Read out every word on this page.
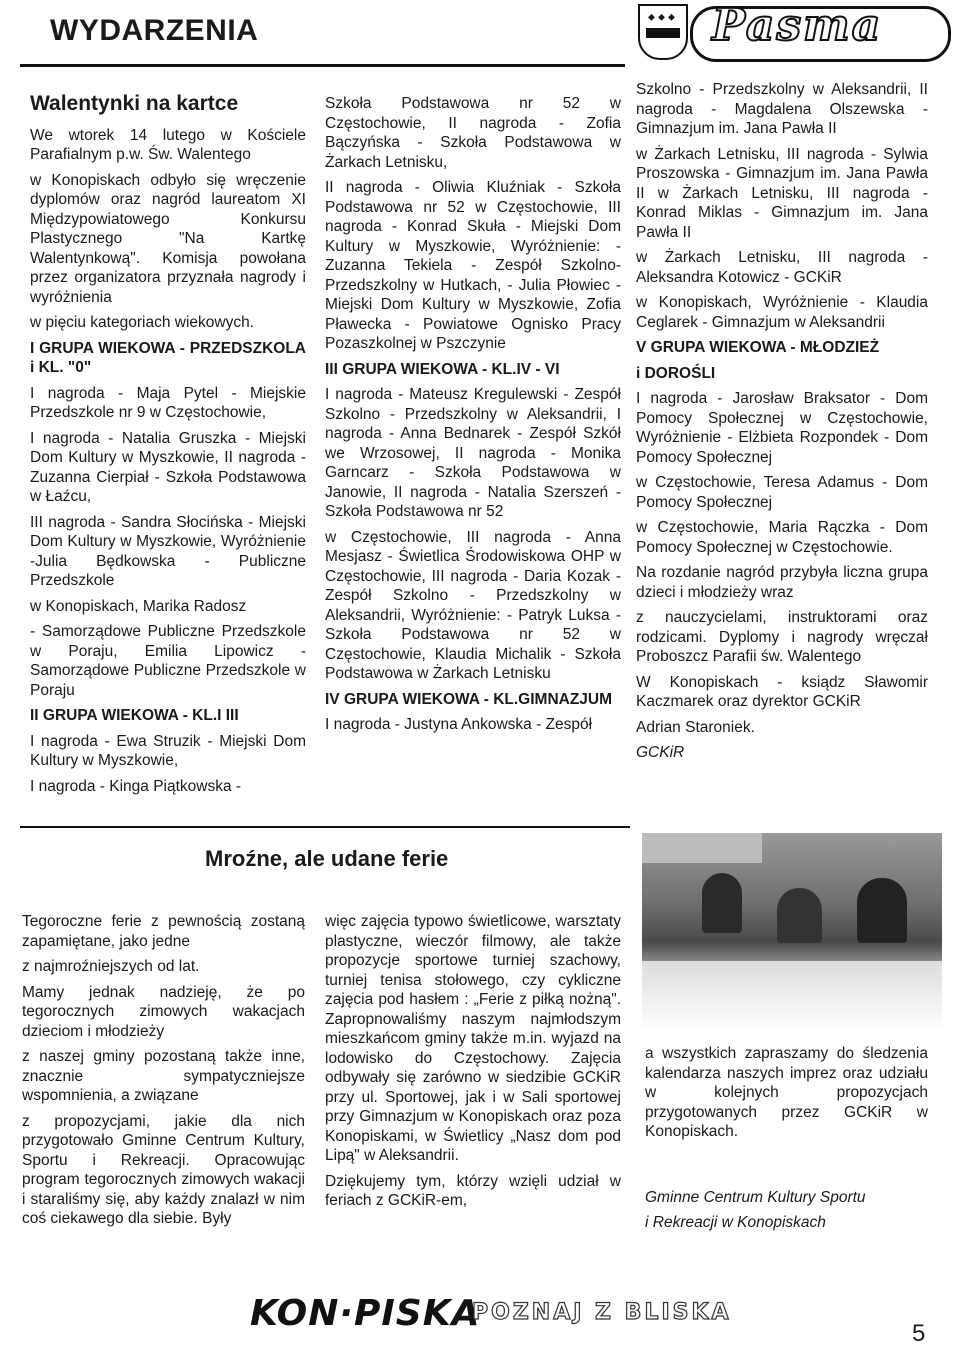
WYDARZENIA	⬥⬥⬥ Pasma
Walentynki na kartce

We wtorek 14 lutego w Kościele Parafialnym p.w. Św. Walentego

w Konopiskach odbyło się wręczenie dyplomów oraz nagród laureatom XI Międzypowiatowego Konkursu Plastycznego "Na Kartkę Walentynkową". Komisja powołana przez organizatora przyznała nagrody i wyróżnienia

w pięciu kategoriach wiekowych.

I GRUPA WIEKOWA - PRZEDSZKOLA i KL. "0"

I nagroda - Maja Pytel - Miejskie Przedszkole nr 9 w Częstochowie,

I nagroda - Natalia Gruszka - Miejski Dom Kultury w Myszkowie, II nagroda - Zuzanna Cierpiał - Szkoła Podstawowa w Łaźcu,

III nagroda - Sandra Słocińska - Miejski Dom Kultury w Myszkowie, Wyróżnienie -Julia Będkowska - Publiczne Przedszkole

w Konopiskach, Marika Radosz

- Samorządowe Publiczne Przedszkole w Poraju, Emilia Lipowicz - Samorządowe Publiczne Przedszkole w Poraju

II GRUPA WIEKOWA - KL.I III

I nagroda - Ewa Struzik - Miejski Dom Kultury w Myszkowie,

I nagroda - Kinga Piątkowska -

Szkoła Podstawowa nr 52 w Częstochowie, II nagroda - Zofia Bączyńska - Szkoła Podstawowa w Żarkach Letnisku,

II nagroda - Oliwia Kluźniak - Szkoła Podstawowa nr 52 w Częstochowie, III nagroda - Konrad Skuła - Miejski Dom Kultury w Myszkowie, Wyróżnienie: - Zuzanna Tekiela - Zespół Szkolno-Przedszkolny w Hutkach, - Julia Płowiec - Miejski Dom Kultury w Myszkowie, Zofia Pławecka - Powiatowe Ognisko Pracy Pozaszkolnej w Pszczynie

III GRUPA WIEKOWA - KL.IV - VI

I nagroda - Mateusz Kregulewski - Zespół Szkolno - Przedszkolny w Aleksandrii, I nagroda - Anna Bednarek - Zespół Szkół we Wrzosowej, II nagroda - Monika Garncarz - Szkoła Podstawowa w Janowie, II nagroda - Natalia Szerszeń - Szkoła Podstawowa nr 52

w Częstochowie, III nagroda - Anna Mesjasz - Świetlica Środowiskowa OHP w Częstochowie, III nagroda - Daria Kozak - Zespół Szkolno - Przedszkolny w Aleksandrii, Wyróżnienie: - Patryk Luksa - Szkoła Podstawowa nr 52 w Częstochowie, Klaudia Michalik - Szkoła Podstawowa w Żarkach Letnisku

IV GRUPA WIEKOWA - KL.GIMNAZJUM

I nagroda - Justyna Ankowska - Zespół

Szkolno - Przedszkolny w Aleksandrii, II nagroda - Magdalena Olszewska - Gimnazjum im. Jana Pawła II

w Żarkach Letnisku, III nagroda - Sylwia Proszowska - Gimnazjum im. Jana Pawła II w Żarkach Letnisku, III nagroda - Konrad Miklas - Gimnazjum im. Jana Pawła II

w Żarkach Letnisku, III nagroda - Aleksandra Kotowicz - GCKiR

w Konopiskach, Wyróżnienie - Klaudia Ceglarek - Gimnazjum w Aleksandrii

V GRUPA WIEKOWA - MŁODZIEŻ

i DOROŚLI

I nagroda - Jarosław Braksator - Dom Pomocy Społecznej w Częstochowie, Wyróżnienie - Elżbieta Rozpondek - Dom Pomocy Społecznej

w Częstochowie, Teresa Adamus - Dom Pomocy Społecznej

w Częstochowie, Maria Rączka - Dom Pomocy Społecznej w Częstochowie.

Na rozdanie nagród przybyła liczna grupa dzieci i młodzieży wraz

z nauczycielami, instruktorami oraz rodzicami. Dyplomy i nagrody wręczał Proboszcz Parafii św. Walentego

W Konopiskach - ksiądz Sławomir Kaczmarek oraz dyrektor GCKiR

Adrian Staroniek.

GCKiR

Mroźne, ale udane ferie

Tegoroczne ferie z pewnością zostaną zapamiętane, jako jedne

z najmroźniejszych od lat.

Mamy jednak nadzieję, że po tegorocznych zimowych wakacjach dzieciom i młodzieży

z naszej gminy pozostaną także inne, znacznie sympatyczniejsze wspomnienia, a związane

z propozycjami, jakie dla nich przygotowało Gminne Centrum Kultury, Sportu i Rekreacji. Opracowując program tegorocznych zimowych wakacji i staraliśmy się, aby każdy znalazł w nim coś ciekawego dla siebie. Były

więc zajęcia typowo świetlicowe, warsztaty plastyczne, wieczór filmowy, ale także propozycje sportowe turniej szachowy, turniej tenisa stołowego, czy cykliczne zajęcia pod hasłem : „Ferie z piłką nożną". Zapropnowaliśmy naszym najmłodszym mieszkańcom gminy także m.in. wyjazd na lodowisko do Częstochowy. Zajęcia odbywały się zarówno w siedzibie GCKiR przy ul. Sportowej, jak i w Sali sportowej przy Gimnazjum w Konopiskach oraz poza Konopiskami, w Świetlicy „Nasz dom pod Lipą" w Aleksandrii.

Dziękujemy tym, którzy wzięli udział w feriach z GCKiR-em,

a wszystkich zapraszamy do śledzenia kalendarza naszych imprez oraz udziału w kolejnych propozycjach przygotowanych przez GCKiR w Konopiskach.

Gminne Centrum Kultury Sportu

i Rekreacji w Konopiskach

KON·PISKA
POZNAJ Z BLISKA
5
